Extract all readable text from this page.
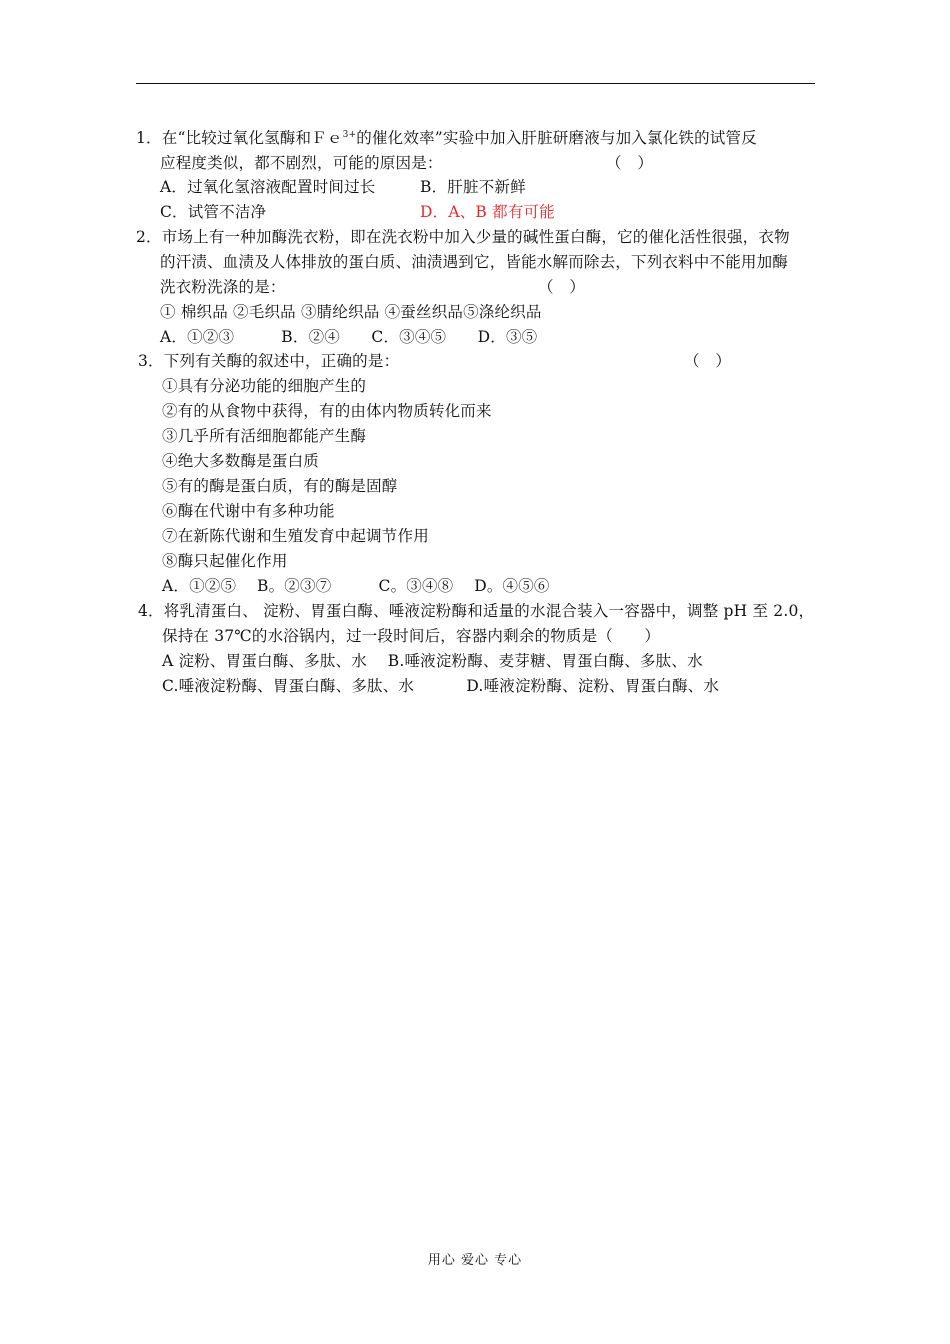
1．在“比较过氧化氢酶和Ｆｅ$^{3+}$的催化效率”实验中加入肝脏研磨液与加入氯化铁的试管反
应程度类似，都不剧烈，可能的原因是：	（　）
A．过氧化氢溶液配置时间过长	B．肝脏不新鲜
C．试管不洁净	D．A、B 都有可能
2．市场上有一种加酶洗衣粉，即在洗衣粉中加入少量的碱性蛋白酶，它的催化活性很强，衣物
的汗渍、血渍及人体排放的蛋白质、油渍遇到它，皆能水解而除去，下列衣料中不能用加酶
洗衣粉洗涤的是：	（　）
① 棉织品 ②毛织品 ③腈纶织品 ④蚕丝织品⑤涤纶织品
A．①②③　　　B．②④　　C．③④⑤　　D．③⑤
3．下列有关酶的叙述中，正确的是：	（　）
①具有分泌功能的细胞产生的
②有的从食物中获得，有的由体内物质转化而来
③几乎所有活细胞都能产生酶
④绝大多数酶是蛋白质
⑤有的酶是蛋白质，有的酶是固醇
⑥酶在代谢中有多种功能
⑦在新陈代谢和生殖发育中起调节作用
⑧酶只起催化作用
A．①②⑤　 B。②③⑦　　　C。③④⑧　 D。④⑤⑥
4．将乳清蛋白、 淀粉、胃蛋白酶、唾液淀粉酶和适量的水混合装入一容器中，调整 pH 至 2.0，
保持在 37℃的水浴锅内，过一段时间后，容器内剩余的物质是（　　）
A 淀粉、胃蛋白酶、多肽、水　 B.唾液淀粉酶、麦芽糖、胃蛋白酶、多肽、水
C.唾液淀粉酶、胃蛋白酶、多肽、水　　　 D.唾液淀粉酶、淀粉、胃蛋白酶、水
用心 爱心 专心
